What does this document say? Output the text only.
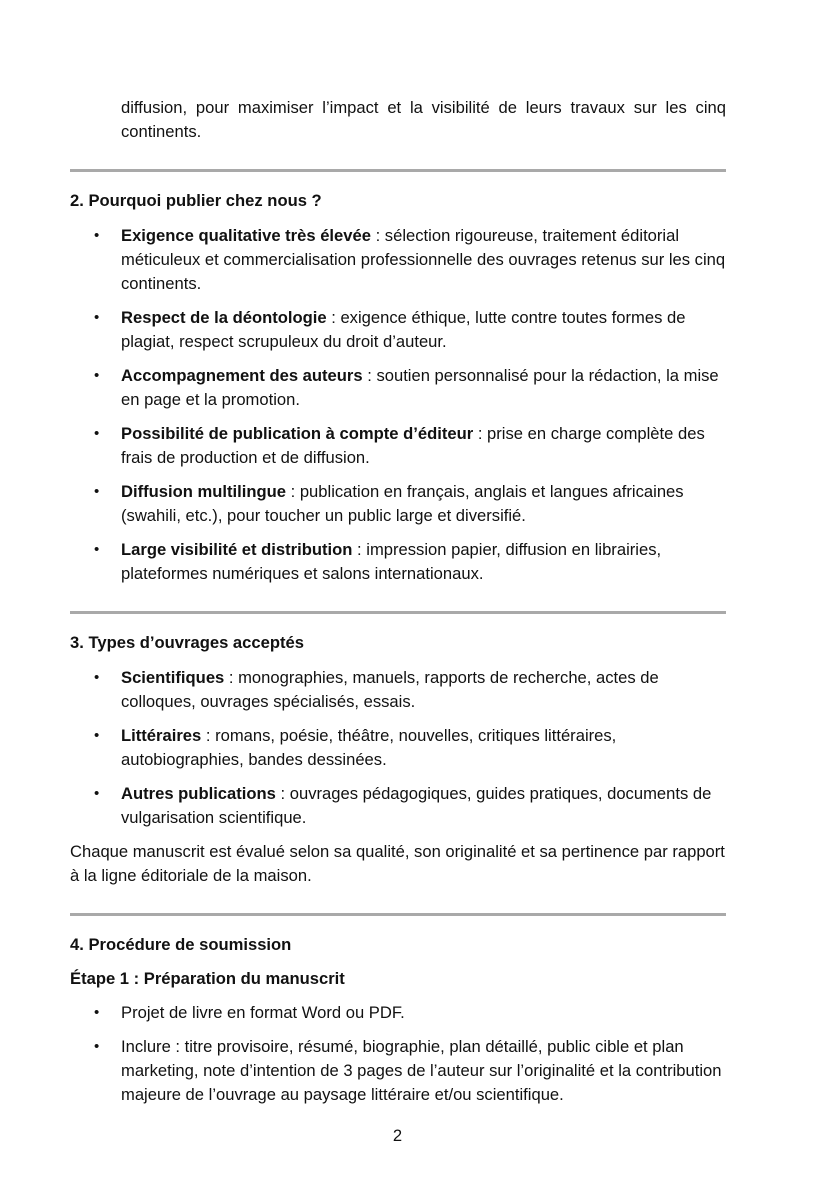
diffusion, pour maximiser l’impact et la visibilité de leurs travaux sur les cinq continents.

2. Pourquoi publier chez nous ?

• Exigence qualitative très élevée : sélection rigoureuse, traitement éditorial méticuleux et commercialisation professionnelle des ouvrages retenus sur les cinq continents.
• Respect de la déontologie : exigence éthique, lutte contre toutes formes de plagiat, respect scrupuleux du droit d’auteur.
• Accompagnement des auteurs : soutien personnalisé pour la rédaction, la mise en page et la promotion.
• Possibilité de publication à compte d’éditeur : prise en charge complète des frais de production et de diffusion.
• Diffusion multilingue : publication en français, anglais et langues africaines (swahili, etc.), pour toucher un public large et diversifié.
• Large visibilité et distribution : impression papier, diffusion en librairies, plateformes numériques et salons internationaux.

3. Types d’ouvrages acceptés

• Scientifiques : monographies, manuels, rapports de recherche, actes de colloques, ouvrages spécialisés, essais.
• Littéraires : romans, poésie, théâtre, nouvelles, critiques littéraires, autobiographies, bandes dessinées.
• Autres publications : ouvrages pédagogiques, guides pratiques, documents de vulgarisation scientifique.

Chaque manuscrit est évalué selon sa qualité, son originalité et sa pertinence par rapport à la ligne éditoriale de la maison.

4. Procédure de soumission

Étape 1 : Préparation du manuscrit

• Projet de livre en format Word ou PDF.
• Inclure : titre provisoire, résumé, biographie, plan détaillé, public cible et plan marketing, note d’intention de 3 pages de l’auteur sur l’originalité et la contribution majeure de l’ouvrage au paysage littéraire et/ou scientifique.
2
